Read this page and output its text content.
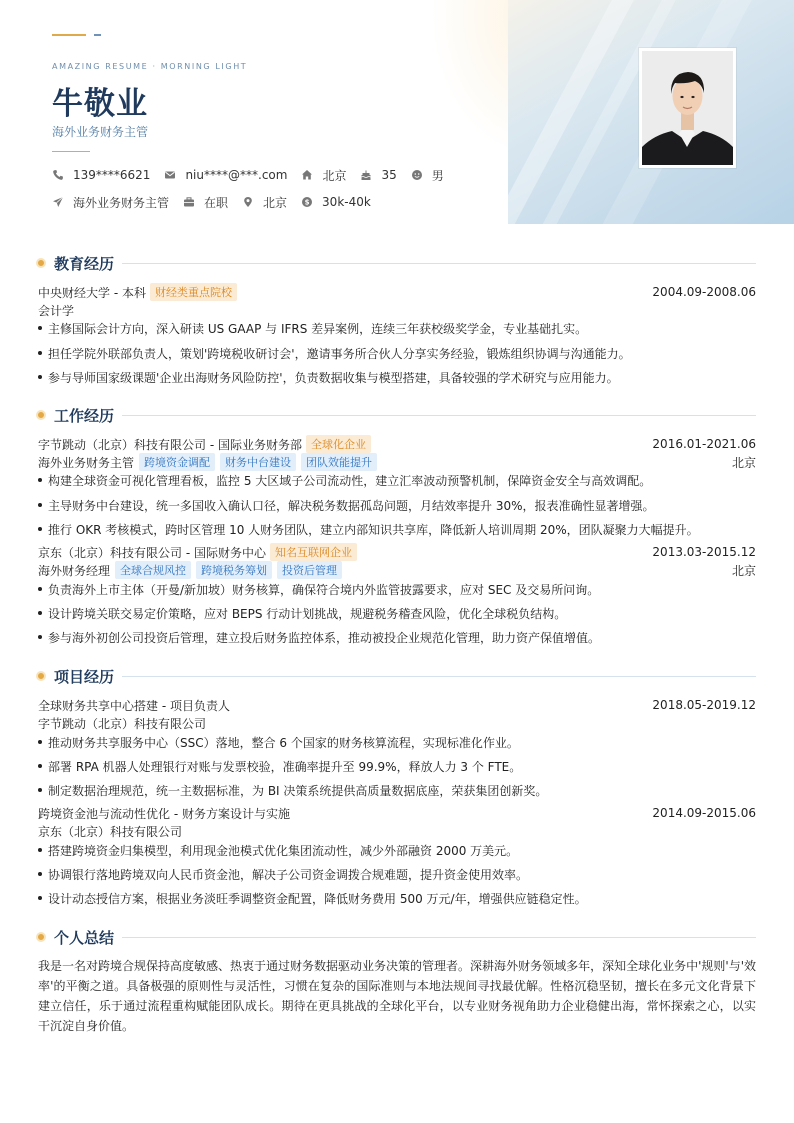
AMAZING RESUME · MORNING LIGHT
牛敬业
海外业务财务主管
139****6621	niu****@***.com	北京	35	男
海外业务财务主管	在职	北京	$ 30k-40k
教育经历
中央财经大学 - 本科 财经类重点院校	2004.09-2008.06
会计学
主修国际会计方向，深入研读 US GAAP 与 IFRS 差异案例，连续三年获校级奖学金，专业基础扎实。
担任学院外联部负责人，策划'跨境税收研讨会'，邀请事务所合伙人分享实务经验，锻炼组织协调与沟通能力。
参与导师国家级课题'企业出海财务风险防控'，负责数据收集与模型搭建，具备较强的学术研究与应用能力。
工作经历
字节跳动（北京）科技有限公司 - 国际业务财务部 全球化企业	2016.01-2021.06
海外业务财务主管 跨境资金调配	财务中台建设	团队效能提升	北京
构建全球资金可视化管理看板，监控 5 大区域子公司流动性，建立汇率波动预警机制，保障资金安全与高效调配。
主导财务中台建设，统一多国收入确认口径，解决税务数据孤岛问题，月结效率提升 30%，报表准确性显著增强。
推行 OKR 考核模式，跨时区管理 10 人财务团队，建立内部知识共享库，降低新人培训周期 20%，团队凝聚力大幅提升。
京东（北京）科技有限公司 - 国际财务中心 知名互联网企业	2013.03-2015.12
海外财务经理 全球合规风控	跨境税务筹划	投资后管理	北京
负责海外上市主体（开曼/新加坡）财务核算，确保符合境内外监管披露要求，应对 SEC 及交易所问询。
设计跨境关联交易定价策略，应对 BEPS 行动计划挑战，规避税务稽查风险，优化全球税负结构。
参与海外初创公司投资后管理，建立投后财务监控体系，推动被投企业规范化管理，助力资产保值增值。
项目经历
全球财务共享中心搭建 - 项目负责人	2018.05-2019.12
字节跳动（北京）科技有限公司
推动财务共享服务中心（SSC）落地，整合 6 个国家的财务核算流程，实现标准化作业。
部署 RPA 机器人处理银行对账与发票校验，准确率提升至 99.9%，释放人力 3 个 FTE。
制定数据治理规范，统一主数据标准，为 BI 决策系统提供高质量数据底座，荣获集团创新奖。
跨境资金池与流动性优化 - 财务方案设计与实施	2014.09-2015.06
京东（北京）科技有限公司
搭建跨境资金归集模型，利用现金池模式优化集团流动性，减少外部融资 2000 万美元。
协调银行落地跨境双向人民币资金池，解决子公司资金调拨合规难题，提升资金使用效率。
设计动态授信方案，根据业务淡旺季调整资金配置，降低财务费用 500 万元/年，增强供应链稳定性。
个人总结
我是一名对跨境合规保持高度敏感、热衷于通过财务数据驱动业务决策的管理者。深耕海外财务领域多年，深知全球化业务中'规则'与'效率'的平衡之道。具备极强的原则性与灵活性，习惯在复杂的国际准则与本地法规间寻找最优解。性格沉稳坚韧，擅长在多元文化背景下建立信任，乐于通过流程重构赋能团队成长。期待在更具挑战的全球化平台，以专业财务视角助力企业稳健出海，常怀探索之心，以实干沉淀自身价值。
